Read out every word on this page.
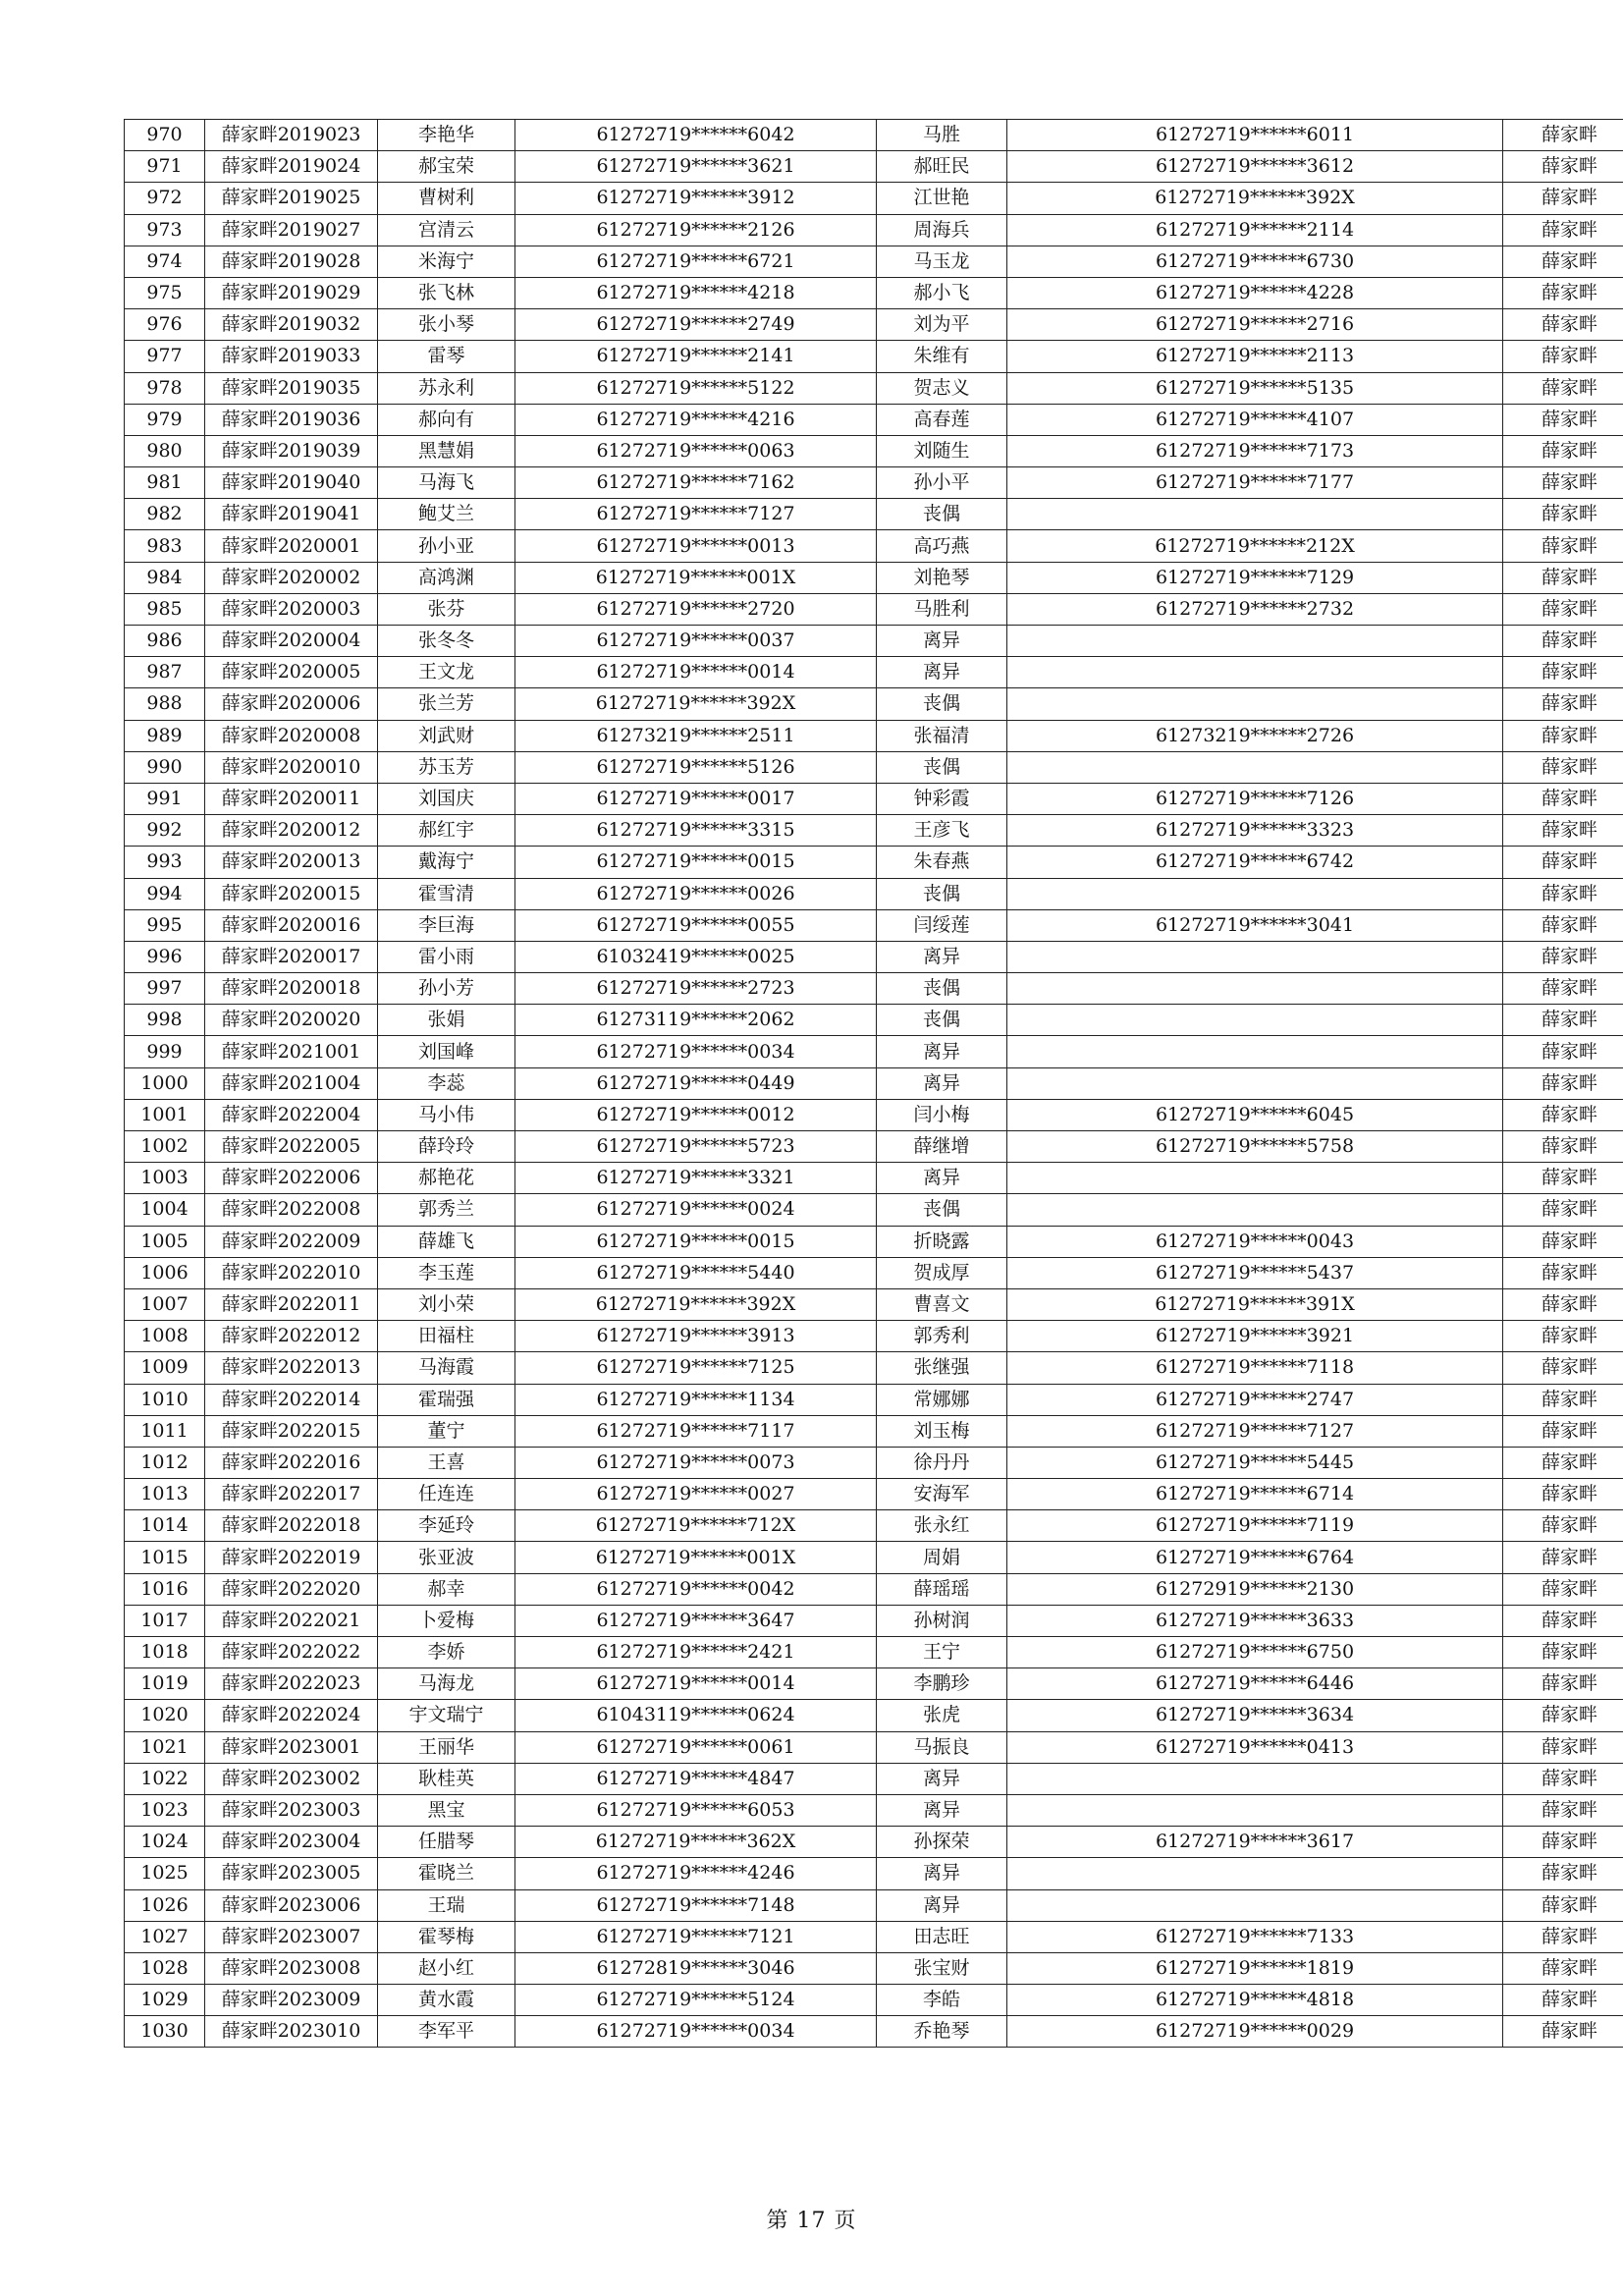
970	薛家畔2019023	李艳华	61272719******6042	马胜	61272719******6011	薛家畔
971	薛家畔2019024	郝宝荣	61272719******3621	郝旺民	61272719******3612	薛家畔
972	薛家畔2019025	曹树利	61272719******3912	江世艳	61272719******392X	薛家畔
973	薛家畔2019027	宫清云	61272719******2126	周海兵	61272719******2114	薛家畔
974	薛家畔2019028	米海宁	61272719******6721	马玉龙	61272719******6730	薛家畔
975	薛家畔2019029	张飞林	61272719******4218	郝小飞	61272719******4228	薛家畔
976	薛家畔2019032	张小琴	61272719******2749	刘为平	61272719******2716	薛家畔
977	薛家畔2019033	雷琴	61272719******2141	朱维有	61272719******2113	薛家畔
978	薛家畔2019035	苏永利	61272719******5122	贺志义	61272719******5135	薛家畔
979	薛家畔2019036	郝向有	61272719******4216	高春莲	61272719******4107	薛家畔
980	薛家畔2019039	黑慧娟	61272719******0063	刘随生	61272719******7173	薛家畔
981	薛家畔2019040	马海飞	61272719******7162	孙小平	61272719******7177	薛家畔
982	薛家畔2019041	鲍艾兰	61272719******7127	丧偶		薛家畔
983	薛家畔2020001	孙小亚	61272719******0013	高巧燕	61272719******212X	薛家畔
984	薛家畔2020002	高鸿渊	61272719******001X	刘艳琴	61272719******7129	薛家畔
985	薛家畔2020003	张芬	61272719******2720	马胜利	61272719******2732	薛家畔
986	薛家畔2020004	张冬冬	61272719******0037	离异		薛家畔
987	薛家畔2020005	王文龙	61272719******0014	离异		薛家畔
988	薛家畔2020006	张兰芳	61272719******392X	丧偶		薛家畔
989	薛家畔2020008	刘武财	61273219******2511	张福清	61273219******2726	薛家畔
990	薛家畔2020010	苏玉芳	61272719******5126	丧偶		薛家畔
991	薛家畔2020011	刘国庆	61272719******0017	钟彩霞	61272719******7126	薛家畔
992	薛家畔2020012	郝红宇	61272719******3315	王彦飞	61272719******3323	薛家畔
993	薛家畔2020013	戴海宁	61272719******0015	朱春燕	61272719******6742	薛家畔
994	薛家畔2020015	霍雪清	61272719******0026	丧偶		薛家畔
995	薛家畔2020016	李巨海	61272719******0055	闫绥莲	61272719******3041	薛家畔
996	薛家畔2020017	雷小雨	61032419******0025	离异		薛家畔
997	薛家畔2020018	孙小芳	61272719******2723	丧偶		薛家畔
998	薛家畔2020020	张娟	61273119******2062	丧偶		薛家畔
999	薛家畔2021001	刘国峰	61272719******0034	离异		薛家畔
1000	薛家畔2021004	李蕊	61272719******0449	离异		薛家畔
1001	薛家畔2022004	马小伟	61272719******0012	闫小梅	61272719******6045	薛家畔
1002	薛家畔2022005	薛玲玲	61272719******5723	薛继增	61272719******5758	薛家畔
1003	薛家畔2022006	郝艳花	61272719******3321	离异		薛家畔
1004	薛家畔2022008	郭秀兰	61272719******0024	丧偶		薛家畔
1005	薛家畔2022009	薛雄飞	61272719******0015	折晓露	61272719******0043	薛家畔
1006	薛家畔2022010	李玉莲	61272719******5440	贺成厚	61272719******5437	薛家畔
1007	薛家畔2022011	刘小荣	61272719******392X	曹喜文	61272719******391X	薛家畔
1008	薛家畔2022012	田福柱	61272719******3913	郭秀利	61272719******3921	薛家畔
1009	薛家畔2022013	马海霞	61272719******7125	张继强	61272719******7118	薛家畔
1010	薛家畔2022014	霍瑞强	61272719******1134	常娜娜	61272719******2747	薛家畔
1011	薛家畔2022015	董宁	61272719******7117	刘玉梅	61272719******7127	薛家畔
1012	薛家畔2022016	王喜	61272719******0073	徐丹丹	61272719******5445	薛家畔
1013	薛家畔2022017	任连连	61272719******0027	安海军	61272719******6714	薛家畔
1014	薛家畔2022018	李延玲	61272719******712X	张永红	61272719******7119	薛家畔
1015	薛家畔2022019	张亚波	61272719******001X	周娟	61272719******6764	薛家畔
1016	薛家畔2022020	郝幸	61272719******0042	薛瑶瑶	61272919******2130	薛家畔
1017	薛家畔2022021	卜爱梅	61272719******3647	孙树润	61272719******3633	薛家畔
1018	薛家畔2022022	李娇	61272719******2421	王宁	61272719******6750	薛家畔
1019	薛家畔2022023	马海龙	61272719******0014	李鹏珍	61272719******6446	薛家畔
1020	薛家畔2022024	宇文瑞宁	61043119******0624	张虎	61272719******3634	薛家畔
1021	薛家畔2023001	王丽华	61272719******0061	马振良	61272719******0413	薛家畔
1022	薛家畔2023002	耿桂英	61272719******4847	离异		薛家畔
1023	薛家畔2023003	黑宝	61272719******6053	离异		薛家畔
1024	薛家畔2023004	任腊琴	61272719******362X	孙探荣	61272719******3617	薛家畔
1025	薛家畔2023005	霍晓兰	61272719******4246	离异		薛家畔
1026	薛家畔2023006	王瑞	61272719******7148	离异		薛家畔
1027	薛家畔2023007	霍琴梅	61272719******7121	田志旺	61272719******7133	薛家畔
1028	薛家畔2023008	赵小红	61272819******3046	张宝财	61272719******1819	薛家畔
1029	薛家畔2023009	黄水霞	61272719******5124	李皓	61272719******4818	薛家畔
1030	薛家畔2023010	李军平	61272719******0034	乔艳琴	61272719******0029	薛家畔
第 17 页
